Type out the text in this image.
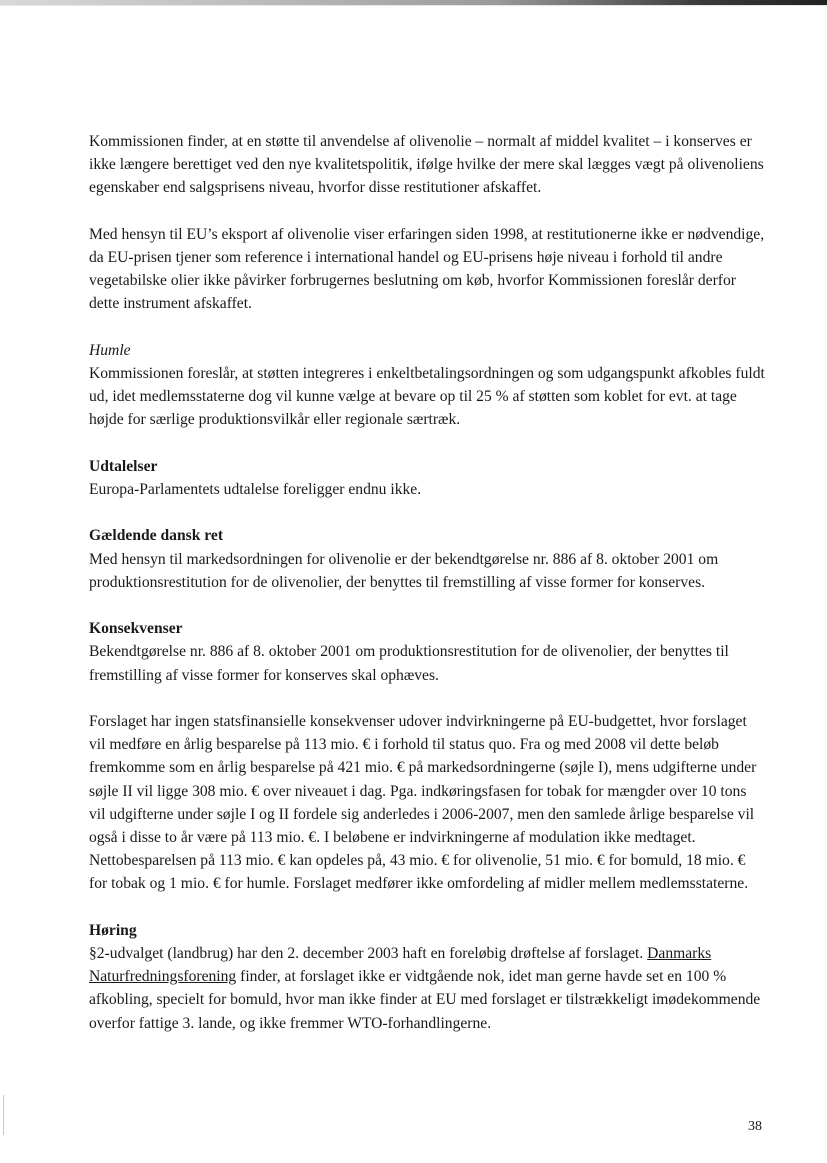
Kommissionen finder, at en støtte til anvendelse af olivenolie – normalt af middel kvalitet – i konserves er ikke længere berettiget ved den nye kvalitetspolitik, ifølge hvilke der mere skal lægges vægt på olivenoliens egenskaber end salgsprisens niveau, hvorfor disse restitutioner afskaffet.

Med hensyn til EU’s eksport af olivenolie viser erfaringen siden 1998, at restitutionerne ikke er nødvendige, da EU-prisen tjener som reference i international handel og EU-prisens høje niveau i forhold til andre vegetabilske olier ikke påvirker forbrugernes beslutning om køb, hvorfor Kommissionen foreslår derfor dette instrument afskaffet.

Humle

Kommissionen foreslår, at støtten integreres i enkeltbetalingsordningen og som udgangspunkt afkobles fuldt ud, idet medlemsstaterne dog vil kunne vælge at bevare op til 25 % af støtten som koblet for evt. at tage højde for særlige produktionsvilkår eller regionale særtræk.

Udtalelser

Europa-Parlamentets udtalelse foreligger endnu ikke.

Gældende dansk ret

Med hensyn til markedsordningen for olivenolie er der bekendtgørelse nr. 886 af 8. oktober 2001 om produktionsrestitution for de olivenolier, der benyttes til fremstilling af visse former for konserves.

Konsekvenser

Bekendtgørelse nr. 886 af 8. oktober 2001 om produktionsrestitution for de olivenolier, der benyttes til fremstilling af visse former for konserves skal ophæves.

Forslaget har ingen statsfinansielle konsekvenser udover indvirkningerne på EU-budgettet, hvor forslaget vil medføre en årlig besparelse på 113 mio. € i forhold til status quo. Fra og med 2008 vil dette beløb fremkomme som en årlig besparelse på 421 mio. € på markedsordningerne (søjle I), mens udgifterne under søjle II vil ligge 308 mio. € over niveauet i dag. Pga. indkøringsfasen for tobak for mængder over 10 tons vil udgifterne under søjle I og II fordele sig anderledes i 2006-2007, men den samlede årlige besparelse vil også i disse to år være på 113 mio. €. I beløbene er indvirkningerne af modulation ikke medtaget. Nettobesparelsen på 113 mio. € kan opdeles på, 43 mio. € for olivenolie, 51 mio. € for bomuld, 18 mio. € for tobak og 1 mio. € for humle. Forslaget medfører ikke omfordeling af midler mellem medlemsstaterne.

Høring

§2-udvalget (landbrug) har den 2. december 2003 haft en foreløbig drøftelse af forslaget. Danmarks Naturfredningsforening finder, at forslaget ikke er vidtgående nok, idet man gerne havde set en 100 % afkobling, specielt for bomuld, hvor man ikke finder at EU med forslaget er tilstrækkeligt imødekommende overfor fattige 3. lande, og ikke fremmer WTO-forhandlingerne.

38
